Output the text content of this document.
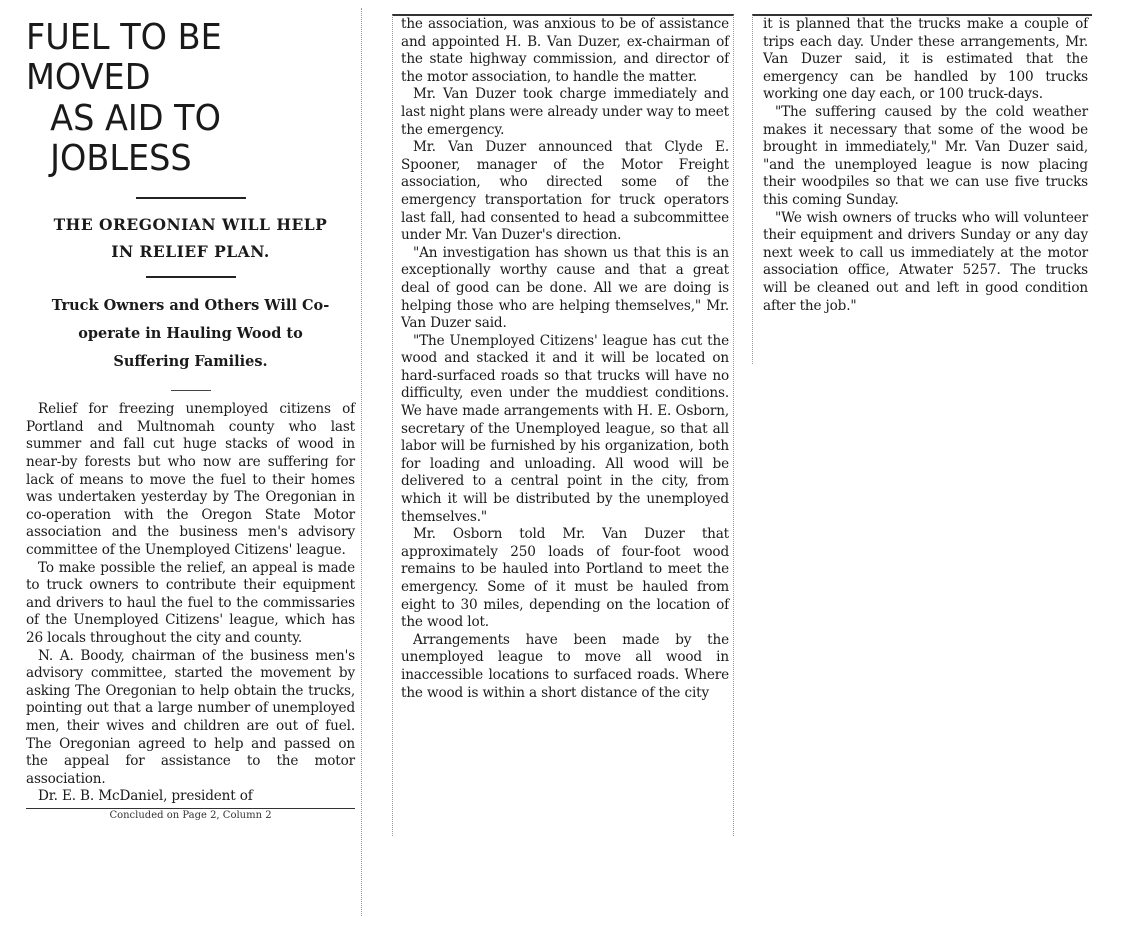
FUEL TO BE MOVED
AS AID TO JOBLESS

THE OREGONIAN WILL HELP

IN RELIEF PLAN.

Truck Owners and Others Will Co-

operate in Hauling Wood to

Suffering Families.

Relief for freezing unemployed citizens of Portland and Multnomah county who last summer and fall cut huge stacks of wood in near-by forests but who now are suffering for lack of means to move the fuel to their homes was undertaken yesterday by The Oregonian in co-operation with the Oregon State Motor association and the business men's advisory committee of the Unemployed Citizens' league.

To make possible the relief, an appeal is made to truck owners to contribute their equipment and drivers to haul the fuel to the commissaries of the Unemployed Citizens' league, which has 26 locals throughout the city and county.

N. A. Boody, chairman of the business men's advisory committee, started the movement by asking The Oregonian to help obtain the trucks, pointing out that a large number of unemployed men, their wives and children are out of fuel. The Oregonian agreed to help and passed on the appeal for assistance to the motor association.

Dr. E. B. McDaniel, president of

Concluded on Page 2, Column 2

the association, was anxious to be of assistance and appointed H. B. Van Duzer, ex-chairman of the state highway commission, and director of the motor association, to handle the matter.

Mr. Van Duzer took charge immediately and last night plans were already under way to meet the emergency.

Mr. Van Duzer announced that Clyde E. Spooner, manager of the Motor Freight association, who directed some of the emergency transportation for truck operators last fall, had consented to head a subcommittee under Mr. Van Duzer's direction.

"An investigation has shown us that this is an exceptionally worthy cause and that a great deal of good can be done. All we are doing is helping those who are helping themselves," Mr. Van Duzer said.

"The Unemployed Citizens' league has cut the wood and stacked it and it will be located on hard-surfaced roads so that trucks will have no difficulty, even under the muddiest conditions. We have made arrangements with H. E. Osborn, secretary of the Unemployed league, so that all labor will be furnished by his organization, both for loading and unloading. All wood will be delivered to a central point in the city, from which it will be distributed by the unemployed themselves."

Mr. Osborn told Mr. Van Duzer that approximately 250 loads of four-foot wood remains to be hauled into Portland to meet the emergency. Some of it must be hauled from eight to 30 miles, depending on the location of the wood lot.

Arrangements have been made by the unemployed league to move all wood in inaccessible locations to surfaced roads. Where the wood is within a short distance of the city

it is planned that the trucks make a couple of trips each day. Under these arrangements, Mr. Van Duzer said, it is estimated that the emergency can be handled by 100 trucks working one day each, or 100 truck-days.

"The suffering caused by the cold weather makes it necessary that some of the wood be brought in immediately," Mr. Van Duzer said, "and the unemployed league is now placing their woodpiles so that we can use five trucks this coming Sunday.

"We wish owners of trucks who will volunteer their equipment and drivers Sunday or any day next week to call us immediately at the motor association office, Atwater 5257. The trucks will be cleaned out and left in good condition after the job."
